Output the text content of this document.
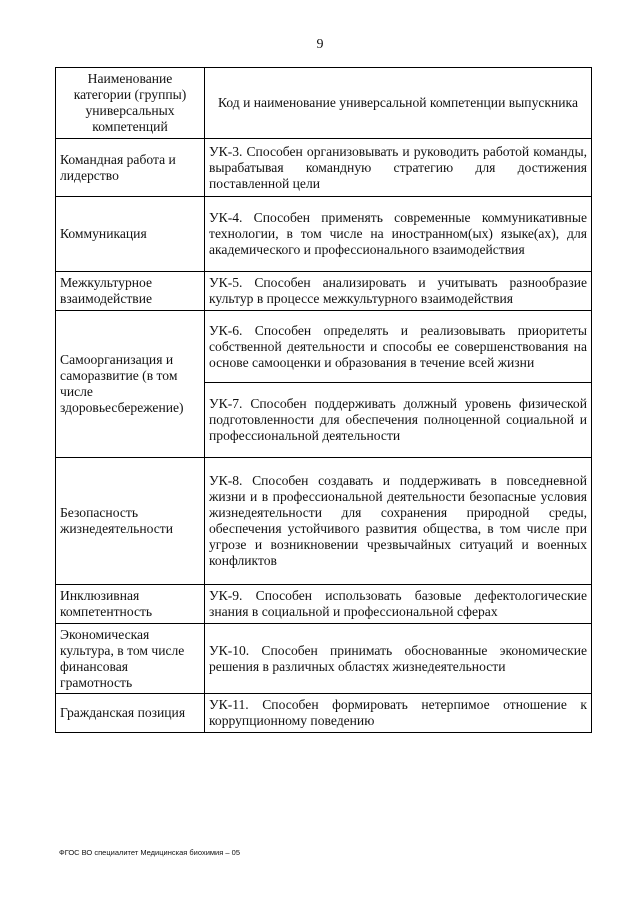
9
Наименование категории (группы) универсальных компетенций	Код и наименование универсальной компетенции выпускника
Командная работа и лидерство	УК-3. Способен организовывать и руководить работой команды, вырабатывая командную стратегию для достижения поставленной цели
Коммуникация	УК-4. Способен применять современные коммуникативные технологии, в том числе на иностранном(ых) языке(ах), для академического и профессионального взаимодействия
Межкультурное взаимодействие	УК-5. Способен анализировать и учитывать разнообразие культур в процессе межкультурного взаимодействия
Самоорганизация и саморазвитие (в том числе здоровьесбережение)	УК-6. Способен определять и реализовывать приоритеты собственной деятельности и способы ее совершенствования на основе самооценки и образования в течение всей жизни
	УК-7. Способен поддерживать должный уровень физической подготовленности для обеспечения полноценной социальной и профессиональной деятельности
Безопасность жизнедеятельности	УК-8. Способен создавать и поддерживать в повседневной жизни и в профессиональной деятельности безопасные условия жизнедеятельности для сохранения природной среды, обеспечения устойчивого развития общества, в том числе при угрозе и возникновении чрезвычайных ситуаций и военных конфликтов
Инклюзивная компетентность	УК-9. Способен использовать базовые дефектологические знания в социальной и профессиональной сферах
Экономическая культура, в том числе финансовая грамотность	УК-10. Способен принимать обоснованные экономические решения в различных областях жизнедеятельности
Гражданская позиция	УК-11. Способен формировать нетерпимое отношение к коррупционному поведению
ФГОС ВО специалитет Медицинская биохимия – 05
